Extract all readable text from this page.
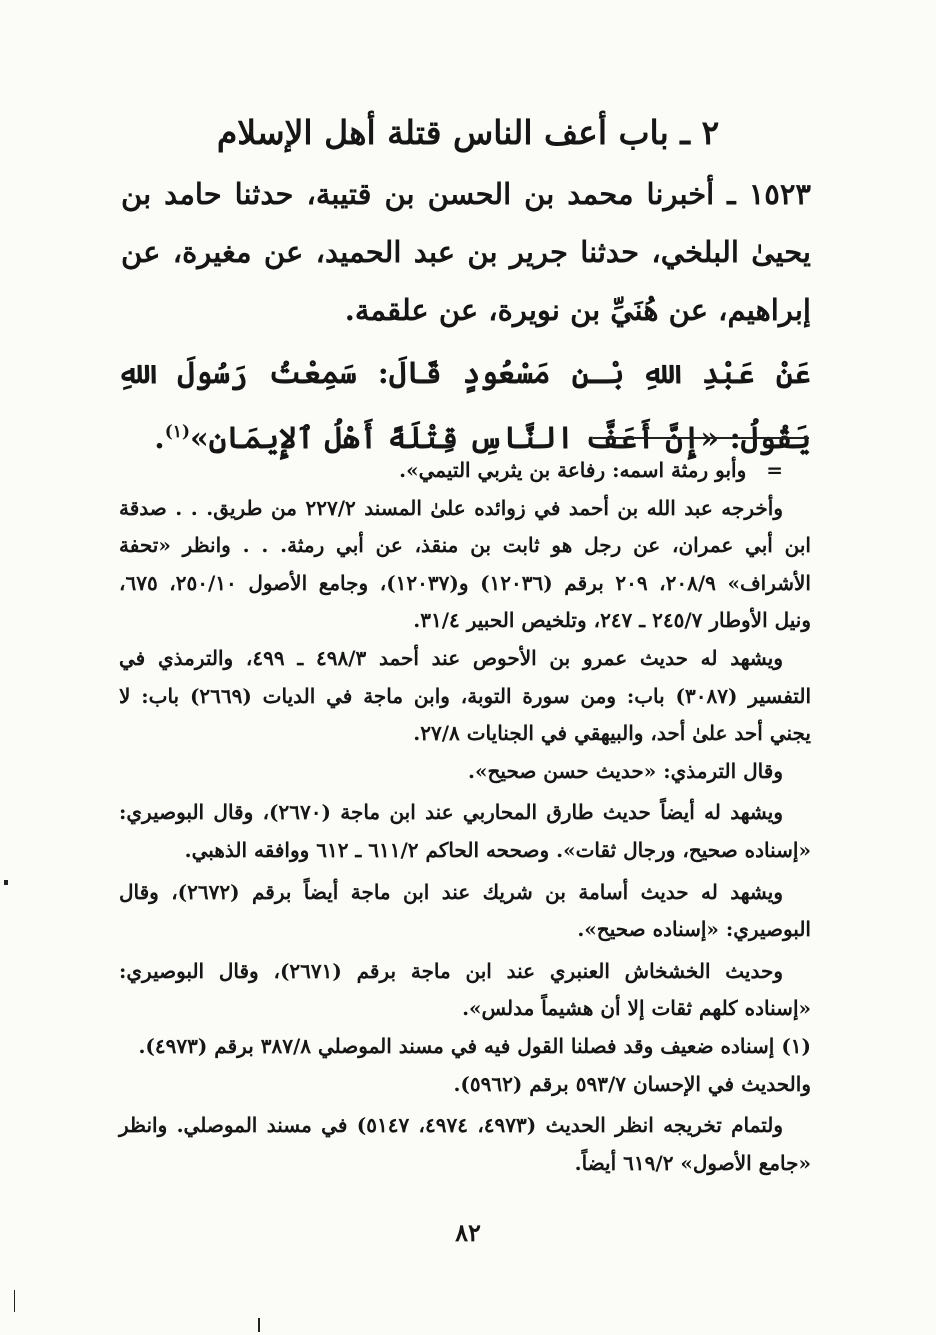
٢ ـ باب أعف الناس قتلة أهل الإسلام

١٥٢٣ ـ أخبرنا محمد بن الحسن بن قتيبة، حدثنا حامد بن يحيىٰ البلخي، حدثنا جرير بن عبد الحميد، عن مغيرة، عن إبراهيم، عن هُنَيِّ بن نويرة، عن علقمة.

عَنْ عَبْدِ اللهِ بْـنِ مَسْعُودٍ قَالَ: سَمِعْتُ رَسُولَ اللهِ يَقُولُ: «إِنَّ أَعَفَّ النَّاسِ قِتْلَةً أَهْلُ ٱلإِيمَانِ»$^{(١)}$.

=وأبو رمثة اسمه: رفاعة بن يثربي التيمي».

وأخرجه عبد الله بن أحمد في زوائده علىٰ المسند ٢٢٧/٢ من طريق. . . صدقة ابن أبي عمران، عن رجل هو ثابت بن منقذ، عن أبي رمثة. . . وانظر «تحفة الأشراف» ٢٠٨/٩، ٢٠٩ برقم (١٢٠٣٦) و(١٢٠٣٧)، وجامع الأصول ٢٥٠/١٠، ٦٧٥، ونيل الأوطار ٢٤٥/٧ ـ ٢٤٧، وتلخيص الحبير ٣١/٤.

ويشهد له حديث عمرو بن الأحوص عند أحمد ٤٩٨/٣ ـ ٤٩٩، والترمذي في التفسير (٣٠٨٧) باب: ومن سورة التوبة، وابن ماجة في الديات (٢٦٦٩) باب: لا يجني أحد علىٰ أحد، والبيهقي في الجنايات ٢٧/٨.

وقال الترمذي: «حديث حسن صحيح».

ويشهد له أيضاً حديث طارق المحاربي عند ابن ماجة (٢٦٧٠)، وقال البوصيري: «إسناده صحيح، ورجال ثقات». وصححه الحاكم ٦١١/٢ ـ ٦١٢ ووافقه الذهبي.

ويشهد له حديث أسامة بن شريك عند ابن ماجة أيضاً برقم (٢٦٧٢)، وقال البوصيري: «إسناده صحيح».

وحديث الخشخاش العنبري عند ابن ماجة برقم (٢٦٧١)، وقال البوصيري: «إسناده كلهم ثقات إلا أن هشيماً مدلس».

(١) إسناده ضعيف وقد فصلنا القول فيه في مسند الموصلي ٣٨٧/٨ برقم (٤٩٧٣).

والحديث في الإحسان ٥٩٣/٧ برقم (٥٩٦٢).

ولتمام تخريجه انظر الحديث (٤٩٧٣، ٤٩٧٤، ٥١٤٧) في مسند الموصلي. وانظر «جامع الأصول» ٦١٩/٢ أيضاً.

٨٢
